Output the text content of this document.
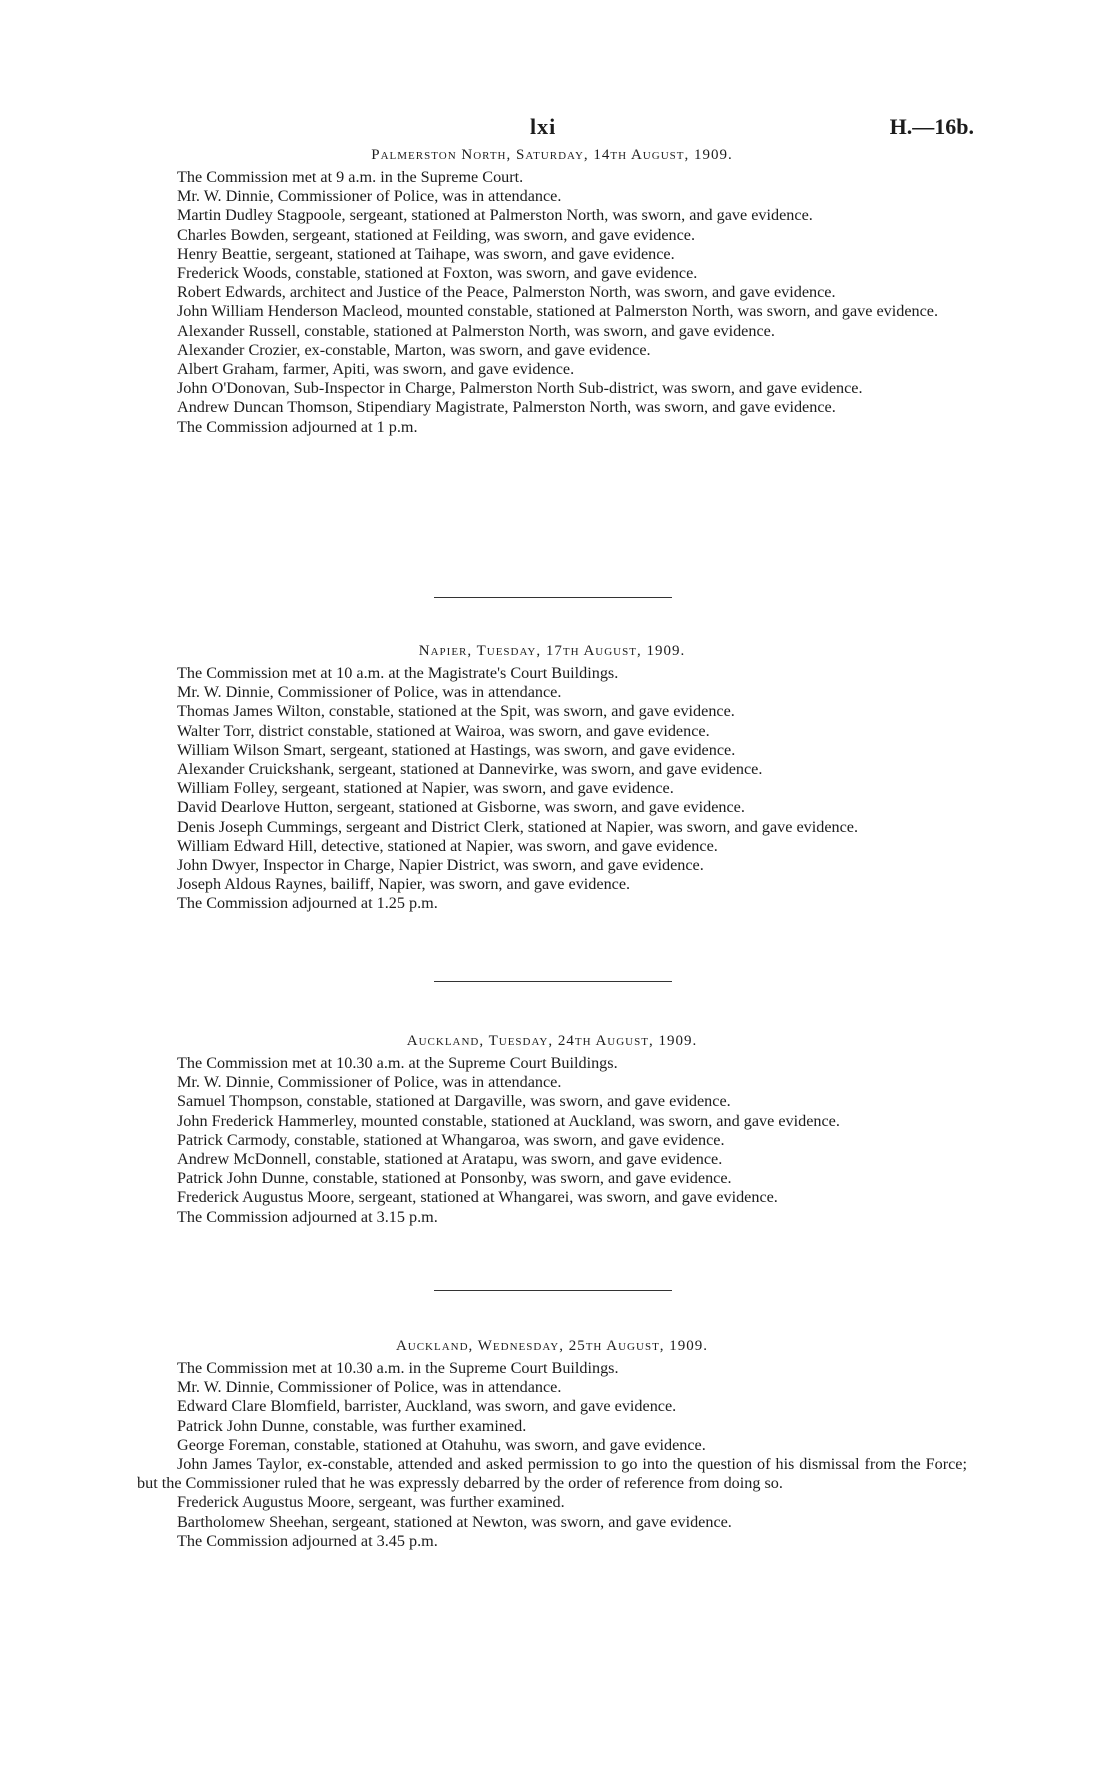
lxi	H.—16b.
Palmerston North, Saturday, 14th August, 1909.

The Commission met at 9 a.m. in the Supreme Court.

Mr. W. Dinnie, Commissioner of Police, was in attendance.

Martin Dudley Stagpoole, sergeant, stationed at Palmerston North, was sworn, and gave evidence.

Charles Bowden, sergeant, stationed at Feilding, was sworn, and gave evidence.

Henry Beattie, sergeant, stationed at Taihape, was sworn, and gave evidence.

Frederick Woods, constable, stationed at Foxton, was sworn, and gave evidence.

Robert Edwards, architect and Justice of the Peace, Palmerston North, was sworn, and gave evidence.

John William Henderson Macleod, mounted constable, stationed at Palmerston North, was sworn, and gave evidence.

Alexander Russell, constable, stationed at Palmerston North, was sworn, and gave evidence.

Alexander Crozier, ex-constable, Marton, was sworn, and gave evidence.

Albert Graham, farmer, Apiti, was sworn, and gave evidence.

John O'Donovan, Sub-Inspector in Charge, Palmerston North Sub-district, was sworn, and gave evidence.

Andrew Duncan Thomson, Stipendiary Magistrate, Palmerston North, was sworn, and gave evidence.

The Commission adjourned at 1 p.m.

Napier, Tuesday, 17th August, 1909.

The Commission met at 10 a.m. at the Magistrate's Court Buildings.

Mr. W. Dinnie, Commissioner of Police, was in attendance.

Thomas James Wilton, constable, stationed at the Spit, was sworn, and gave evidence.

Walter Torr, district constable, stationed at Wairoa, was sworn, and gave evidence.

William Wilson Smart, sergeant, stationed at Hastings, was sworn, and gave evidence.

Alexander Cruickshank, sergeant, stationed at Dannevirke, was sworn, and gave evidence.

William Folley, sergeant, stationed at Napier, was sworn, and gave evidence.

David Dearlove Hutton, sergeant, stationed at Gisborne, was sworn, and gave evidence.

Denis Joseph Cummings, sergeant and District Clerk, stationed at Napier, was sworn, and gave evidence.

William Edward Hill, detective, stationed at Napier, was sworn, and gave evidence.

John Dwyer, Inspector in Charge, Napier District, was sworn, and gave evidence.

Joseph Aldous Raynes, bailiff, Napier, was sworn, and gave evidence.

The Commission adjourned at 1.25 p.m.

Auckland, Tuesday, 24th August, 1909.

The Commission met at 10.30 a.m. at the Supreme Court Buildings.

Mr. W. Dinnie, Commissioner of Police, was in attendance.

Samuel Thompson, constable, stationed at Dargaville, was sworn, and gave evidence.

John Frederick Hammerley, mounted constable, stationed at Auckland, was sworn, and gave evidence.

Patrick Carmody, constable, stationed at Whangaroa, was sworn, and gave evidence.

Andrew McDonnell, constable, stationed at Aratapu, was sworn, and gave evidence.

Patrick John Dunne, constable, stationed at Ponsonby, was sworn, and gave evidence.

Frederick Augustus Moore, sergeant, stationed at Whangarei, was sworn, and gave evidence.

The Commission adjourned at 3.15 p.m.

Auckland, Wednesday, 25th August, 1909.

The Commission met at 10.30 a.m. in the Supreme Court Buildings.

Mr. W. Dinnie, Commissioner of Police, was in attendance.

Edward Clare Blomfield, barrister, Auckland, was sworn, and gave evidence.

Patrick John Dunne, constable, was further examined.

George Foreman, constable, stationed at Otahuhu, was sworn, and gave evidence.

John James Taylor, ex-constable, attended and asked permission to go into the question of his dismissal from the Force; but the Commissioner ruled that he was expressly debarred by the order of reference from doing so.

Frederick Augustus Moore, sergeant, was further examined.

Bartholomew Sheehan, sergeant, stationed at Newton, was sworn, and gave evidence.

The Commission adjourned at 3.45 p.m.
